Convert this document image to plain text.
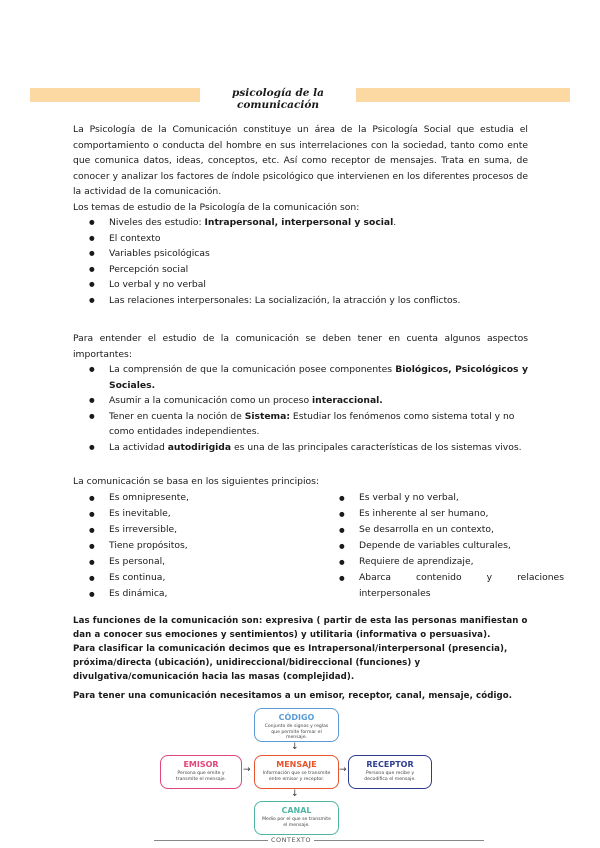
psicología de la comunicación

La Psicología de la Comunicación constituye un área de la Psicología Social que estudia el comportamiento o conducta del hombre en sus interrelaciones con la sociedad, tanto como ente que comunica datos, ideas, conceptos, etc. Así como receptor de mensajes. Trata en suma, de conocer y analizar los factores de índole psicológico que intervienen en los diferentes procesos de la actividad de la comunicación.

Los temas de estudio de la Psicología de la comunicación son:

● Niveles des estudio: Intrapersonal, interpersonal y social.
● El contexto
● Variables psicológicas
● Percepción social
● Lo verbal y no verbal
● Las relaciones interpersonales: La socialización, la atracción y los conflictos.

Para entender el estudio de la comunicación se deben tener en cuenta algunos aspectos importantes:

● La comprensión de que la comunicación posee componentes Biológicos, Psicológicos y Sociales.
● Asumir a la comunicación como un proceso interaccional.
● Tener en cuenta la noción de Sistema: Estudiar los fenómenos como sistema total y no como entidades independientes.
● La actividad autodirigida es una de las principales características de los sistemas vivos.

La comunicación se basa en los siguientes principios:

● Es omnipresente,
● Es inevitable,
● Es irreversible,
● Tiene propósitos,
● Es personal,
● Es continua,
● Es dinámica,
● Es verbal y no verbal,
● Es inherente al ser humano,
● Se desarrolla en un contexto,
● Depende de variables culturales,
● Requiere de aprendizaje,
● Abarca contenido y relaciones interpersonales

Las funciones de la comunicación son: expresiva ( partir de esta las personas manifiestan o dan a conocer sus emociones y sentimientos) y utilitaria (informativa o persuasiva).

Para clasificar la comunicación decimos que es Intrapersonal/interpersonal (presencia), próxima/directa (ubicación), unidireccional/bidireccional (funciones) y divulgativa/comunicación hacia las masas (complejidad).

Para tener una comunicación necesitamos a un emisor, receptor, canal, mensaje, código.
CÓDIGO
Conjunto de signos y reglas que permite formar el mensaje.
↓
EMISOR
Persona que emite y transmite el mensaje.
→
MENSAJE
Información que se transmite entre emisor y receptor.
→
RECEPTOR
Persona que recibe y decodifica el mensaje.
↓
CANAL
Medio por el que se transmite el mensaje.
CONTEXTO
